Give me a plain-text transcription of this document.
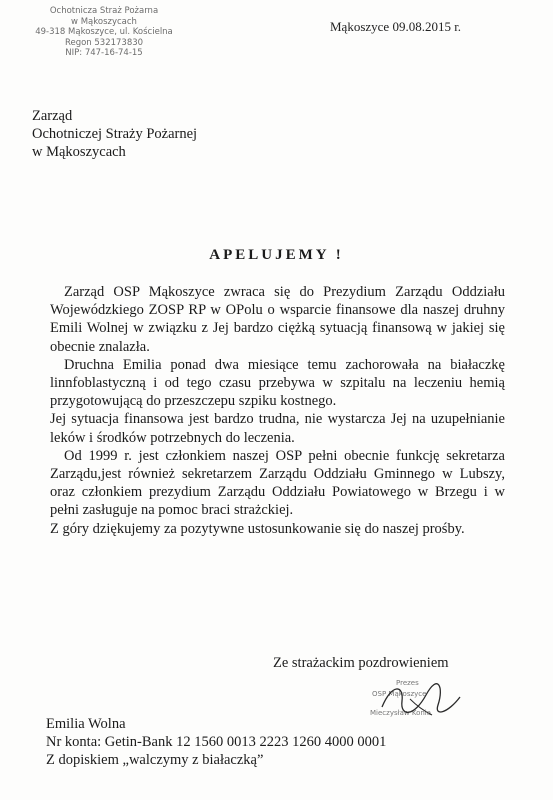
Ochotnicza Straż Pożarna
w Mąkoszycach
49-318 Mąkoszyce, ul. Kościelna
Regon 532173830
NIP: 747-16-74-15
Mąkoszyce 09.08.2015 r.
Zarząd
Ochotniczej Straży Pożarnej
w Mąkoszycach
APELUJEMY !

Zarząd OSP Mąkoszyce zwraca się do Prezydium Zarządu Oddziału Wojewódzkiego ZOSP RP w OPolu o wsparcie finansowe dla naszej druhny Emili Wolnej w związku z Jej bardzo ciężką sytuacją finansową w jakiej się obecnie znalazła.

Druchna Emilia ponad dwa miesiące temu zachorowała na białaczkę linnfoblastyczną i od tego czasu przebywa w szpitalu na leczeniu hemią przygotowującą do przeszczepu szpiku kostnego.

Jej sytuacja finansowa jest bardzo trudna, nie wystarcza Jej na uzupełnianie leków i środków potrzebnych do leczenia.

Od 1999 r. jest członkiem naszej OSP pełni obecnie funkcję sekretarza Zarządu,jest również sekretarzem Zarządu Oddziału Gminnego w Lubszy, oraz członkiem prezydium Zarządu Oddziału Powiatowego w Brzegu i w pełni zasługuje na pomoc braci strażckiej.

Z góry dziękujemy za pozytywne ustosunkowanie się do naszej prośby.

Ze strażackim pozdrowieniem
Prezes
OSP Mąkoszyce
Mieczysław Konia
Emilia Wolna
Nr konta: Getin-Bank 12 1560 0013 2223 1260 4000 0001
Z dopiskiem „walczymy z białaczką”
